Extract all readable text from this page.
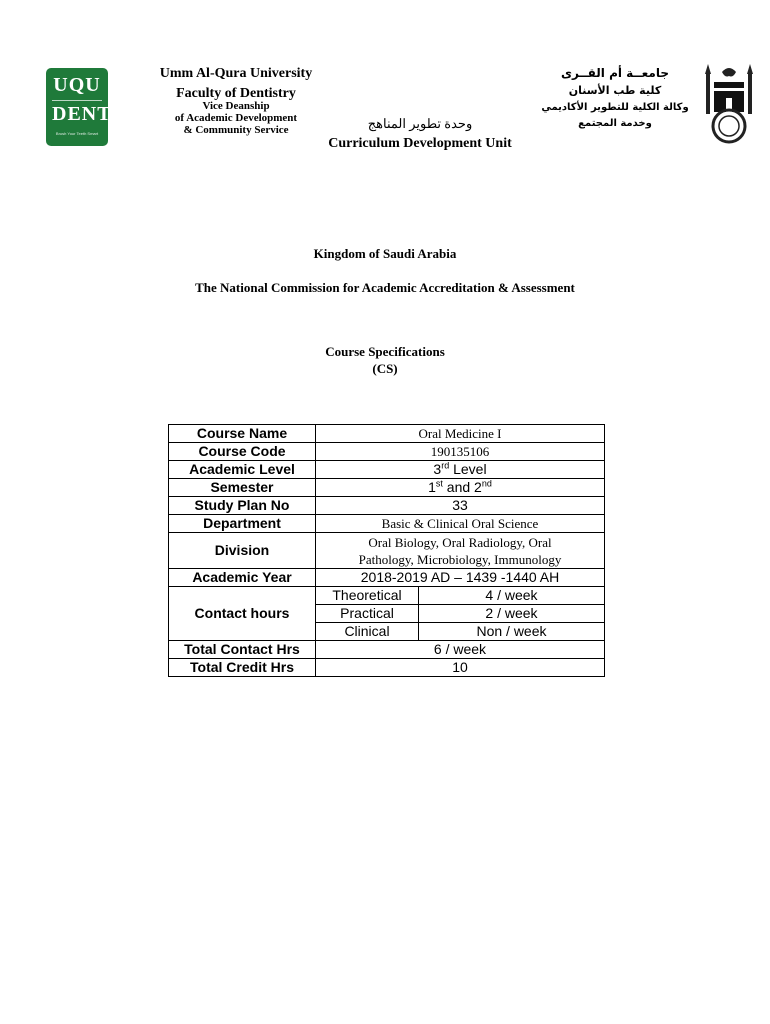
UQU
DENT
Brush Your Teeth Smart
Umm Al-Qura University
Faculty of Dentistry
Vice Deanship
of Academic Development
& Community Service	وحدة تطوير المناهج
Curriculum Development Unit
جامعــة أم القــرى
كلية طب الأسنان
وكالة الكلية للتطوير الأكاديمي
وخدمة المجتمع
Kingdom of Saudi Arabia
The National Commission for Academic Accreditation & Assessment
Course Specifications
(CS)
Course Name	Oral Medicine I	
Course Code	190135106	
Academic Level	3rd Level	
Semester	1st and 2nd
Study Plan No	33	
Department	Basic & Clinical Oral Science	
Division	Oral Biology, Oral Radiology, Oral
Pathology, Microbiology, Immunology	
Academic Year	2018-2019 AD – 1439 -1440 AH	
Contact hours	Theoretical	4 / week
	Practical	2 / week
	Clinical	Non / week
Total Contact Hrs	6 / week	
Total Credit Hrs	10	
